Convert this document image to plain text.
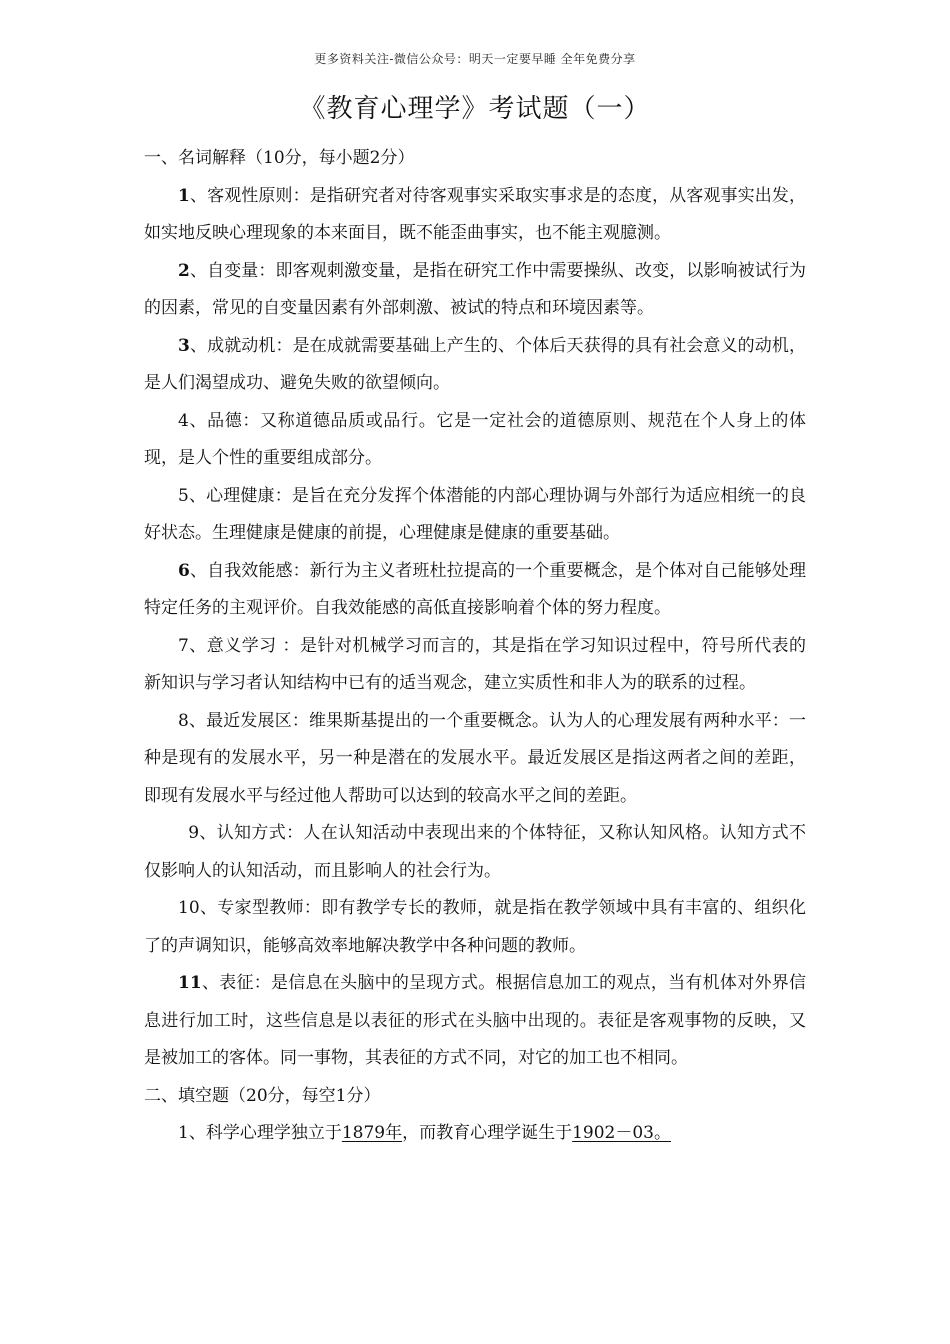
更多资料关注-微信公众号：明天一定要早睡 全年免费分享
《教育心理学》考试题（一）

一、名词解释（10分，每小题2分）

1、客观性原则：是指研究者对待客观事实采取实事求是的态度，从客观事实出发，如实地反映心理现象的本来面目，既不能歪曲事实，也不能主观臆测。

2、自变量：即客观刺激变量，是指在研究工作中需要操纵、改变，以影响被试行为的因素，常见的自变量因素有外部刺激、被试的特点和环境因素等。

3、成就动机：是在成就需要基础上产生的、个体后天获得的具有社会意义的动机，是人们渴望成功、避免失败的欲望倾向。

4、品德：又称道德品质或品行。它是一定社会的道德原则、规范在个人身上的体现，是人个性的重要组成部分。

5、心理健康：是旨在充分发挥个体潜能的内部心理协调与外部行为适应相统一的良好状态。生理健康是健康的前提，心理健康是健康的重要基础。

6、自我效能感：新行为主义者班杜拉提高的一个重要概念，是个体对自己能够处理特定任务的主观评价。自我效能感的高低直接影响着个体的努力程度。

7、意义学习 ：是针对机械学习而言的，其是指在学习知识过程中，符号所代表的新知识与学习者认知结构中已有的适当观念，建立实质性和非人为的联系的过程。

8、最近发展区：维果斯基提出的一个重要概念。认为人的心理发展有两种水平：一种是现有的发展水平，另一种是潜在的发展水平。最近发展区是指这两者之间的差距，即现有发展水平与经过他人帮助可以达到的较高水平之间的差距。

9、认知方式：人在认知活动中表现出来的个体特征，又称认知风格。认知方式不仅影响人的认知活动，而且影响人的社会行为。

10、专家型教师：即有教学专长的教师，就是指在教学领域中具有丰富的、组织化了的声调知识，能够高效率地解决教学中各种问题的教师。

11、表征：是信息在头脑中的呈现方式。根据信息加工的观点，当有机体对外界信息进行加工时，这些信息是以表征的形式在头脑中出现的。表征是客观事物的反映，又是被加工的客体。同一事物，其表征的方式不同，对它的加工也不相同。

二、填空题（20分，每空1分）

1、科学心理学独立于1879年，而教育心理学诞生于1902－03。
